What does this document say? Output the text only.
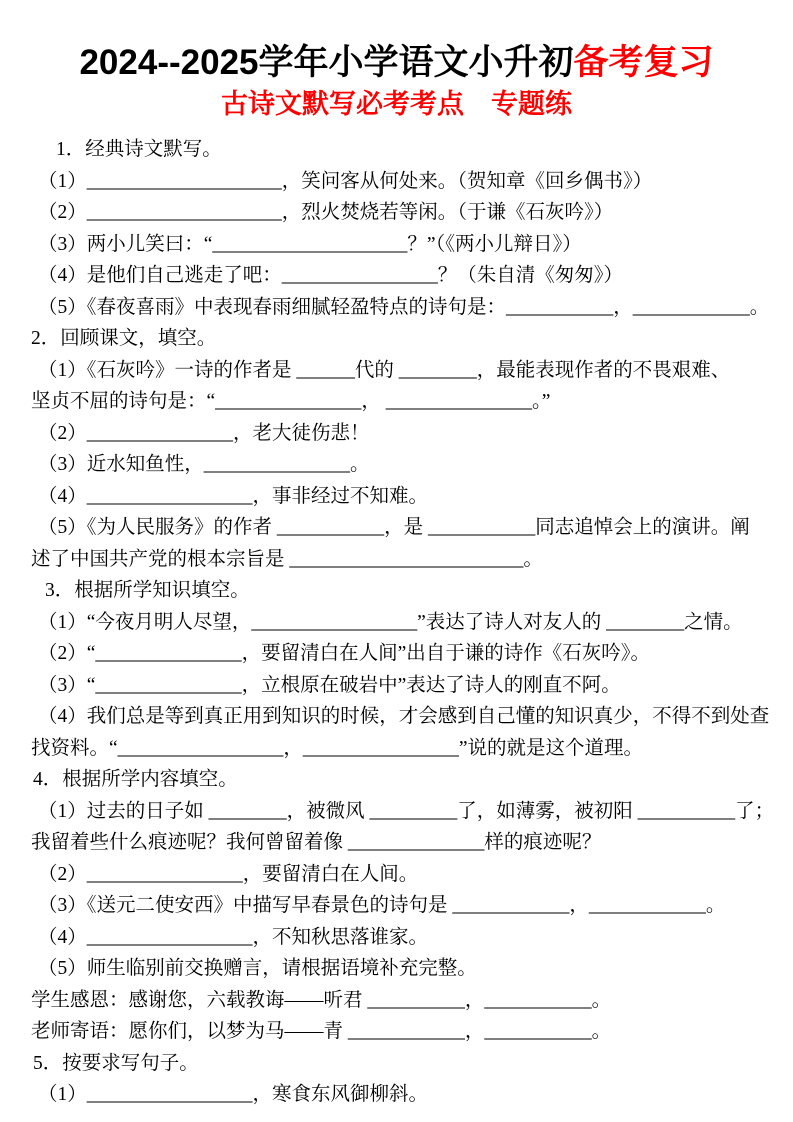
2024--2025学年小学语文小升初备考复习
古诗文默写必考考点　专题练
1．经典诗文默写。
（1）____________________，笑问客从何处来。（贺知章《回乡偶书》）
（2）____________________，烈火焚烧若等闲。（于谦《石灰吟》）
（3）两小儿笑曰：“____________________？”（《两小儿辩日》）
（4）是他们自己逃走了吧：________________？（朱自清《匆匆》）
（5）《春夜喜雨》中表现春雨细腻轻盈特点的诗句是：___________，____________。
2．回顾课文，填空。
（1）《石灰吟》一诗的作者是 ______代的 ________，最能表现作者的不畏艰难、
坚贞不屈的诗句是：“_______________， _______________。”
（2）_______________，老大徒伤悲！
（3）近水知鱼性，_______________。
（4）_________________，事非经过不知难。
（5）《为人民服务》的作者 ___________，是 ___________同志追悼会上的演讲。阐
述了中国共产党的根本宗旨是 ________________________。
3．根据所学知识填空。
（1）“今夜月明人尽望，_________________”表达了诗人对友人的 ________之情。
（2）“_______________，要留清白在人间”出自于谦的诗作《石灰吟》。
（3）“_______________，立根原在破岩中”表达了诗人的刚直不阿。
（4）我们总是等到真正用到知识的时候，才会感到自己懂的知识真少，不得不到处查
找资料。“_________________，________________”说的就是这个道理。
4．根据所学内容填空。
（1）过去的日子如 ________，被微风 _________了，如薄雾，被初阳 __________了；
我留着些什么痕迹呢？我何曾留着像 ______________样的痕迹呢？
（2）________________，要留清白在人间。
（3）《送元二使安西》中描写早春景色的诗句是 ____________，____________。
（4）_________________，不知秋思落谁家。
（5）师生临别前交换赠言，请根据语境补充完整。
学生感恩：感谢您，六载教诲——听君 __________，___________。
老师寄语：愿你们，以梦为马——青 ____________，___________。
5．按要求写句子。
（1）_________________，寒食东风御柳斜。
